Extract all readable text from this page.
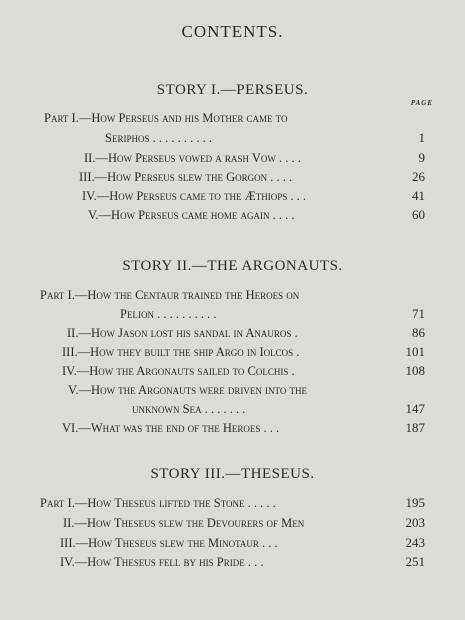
CONTENTS.
STORY I.—PERSEUS.
PAGE
Part I.—How Perseus and his Mother came to
Seriphos . . . . . . . . . .	1
II.—How Perseus vowed a rash Vow . . . .	9
III.—How Perseus slew the Gorgon . . . .	26
IV.—How Perseus came to the Æthiops . . .	41
V.—How Perseus came home again . . . .	60
STORY II.—THE ARGONAUTS.
Part I.—How the Centaur trained the Heroes on
Pelion . . . . . . . . . .	71
II.—How Jason lost his sandal in Anauros .	86
III.—How they built the ship Argo in Iolcos .	101
IV.—How the Argonauts sailed to Colchis .	108
V.—How the Argonauts were driven into the
unknown Sea . . . . . . .	147
VI.—What was the end of the Heroes . . .	187
STORY III.—THESEUS.
Part I.—How Theseus lifted the Stone . . . . .	195
II.—How Theseus slew the Devourers of Men	203
III.—How Theseus slew the Minotaur . . .	243
IV.—How Theseus fell by his Pride . . .	251
